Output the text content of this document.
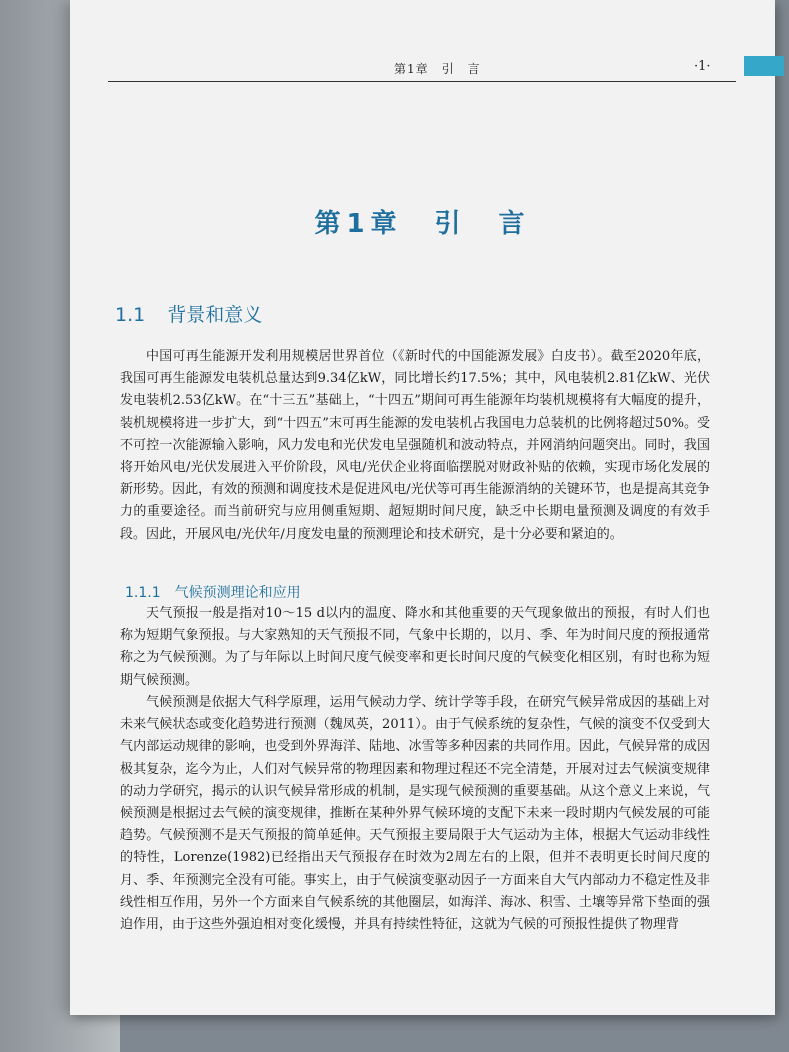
第1章　引　言	·1·
第1章　引　言
1.1 背景和意义
中国可再生能源开发利用规模居世界首位（《新时代的中国能源发展》白皮书）。截至2020年底，我国可再生能源发电装机总量达到9.34亿kW，同比增长约17.5%；其中，风电装机2.81亿kW、光伏发电装机2.53亿kW。在“十三五”基础上，“十四五”期间可再生能源年均装机规模将有大幅度的提升，装机规模将进一步扩大，到“十四五”末可再生能源的发电装机占我国电力总装机的比例将超过50%。受不可控一次能源输入影响，风力发电和光伏发电呈强随机和波动特点，并网消纳问题突出。同时，我国将开始风电/光伏发展进入平价阶段，风电/光伏企业将面临摆脱对财政补贴的依赖，实现市场化发展的新形势。因此，有效的预测和调度技术是促进风电/光伏等可再生能源消纳的关键环节，也是提高其竞争力的重要途径。而当前研究与应用侧重短期、超短期时间尺度，缺乏中长期电量预测及调度的有效手段。因此，开展风电/光伏年/月度发电量的预测理论和技术研究，是十分必要和紧迫的。
1.1.1 气候预测理论和应用
天气预报一般是指对10～15 d以内的温度、降水和其他重要的天气现象做出的预报，有时人们也称为短期气象预报。与大家熟知的天气预报不同，气象中长期的，以月、季、年为时间尺度的预报通常称之为气候预测。为了与年际以上时间尺度气候变率和更长时间尺度的气候变化相区别，有时也称为短期气候预测。
气候预测是依据大气科学原理，运用气候动力学、统计学等手段，在研究气候异常成因的基础上对未来气候状态或变化趋势进行预测（魏凤英，2011）。由于气候系统的复杂性，气候的演变不仅受到大气内部运动规律的影响，也受到外界海洋、陆地、冰雪等多种因素的共同作用。因此，气候异常的成因极其复杂，迄今为止，人们对气候异常的物理因素和物理过程还不完全清楚，开展对过去气候演变规律的动力学研究，揭示的认识气候异常形成的机制，是实现气候预测的重要基础。从这个意义上来说，气候预测是根据过去气候的演变规律，推断在某种外界气候环境的支配下未来一段时期内气候发展的可能趋势。气候预测不是天气预报的简单延伸。天气预报主要局限于大气运动为主体，根据大气运动非线性的特性，Lorenze(1982)已经指出天气预报存在时效为2周左右的上限，但并不表明更长时间尺度的月、季、年预测完全没有可能。事实上，由于气候演变驱动因子一方面来自大气内部动力不稳定性及非线性相互作用，另外一个方面来自气候系统的其他圈层，如海洋、海冰、积雪、土壤等异常下垫面的强迫作用，由于这些外强迫相对变化缓慢，并具有持续性特征，这就为气候的可预报性提供了物理背
